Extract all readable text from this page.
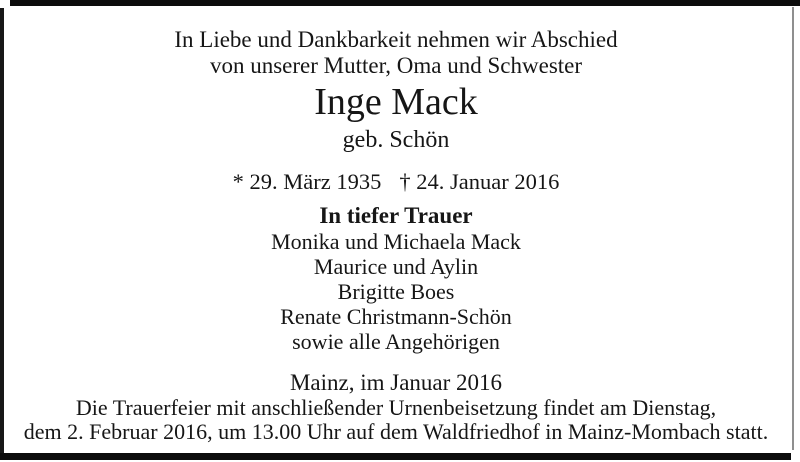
In Liebe und Dankbarkeit nehmen wir Abschied
von unserer Mutter, Oma und Schwester
Inge Mack
geb. Schön
* 29. März 1935 † 24. Januar 2016
In tiefer Trauer
Monika und Michaela Mack
Maurice und Aylin
Brigitte Boes
Renate Christmann-Schön
sowie alle Angehörigen
Mainz, im Januar 2016
Die Trauerfeier mit anschließender Urnenbeisetzung findet am Dienstag,
dem 2. Februar 2016, um 13.00 Uhr auf dem Waldfriedhof in Mainz-Mombach statt.
